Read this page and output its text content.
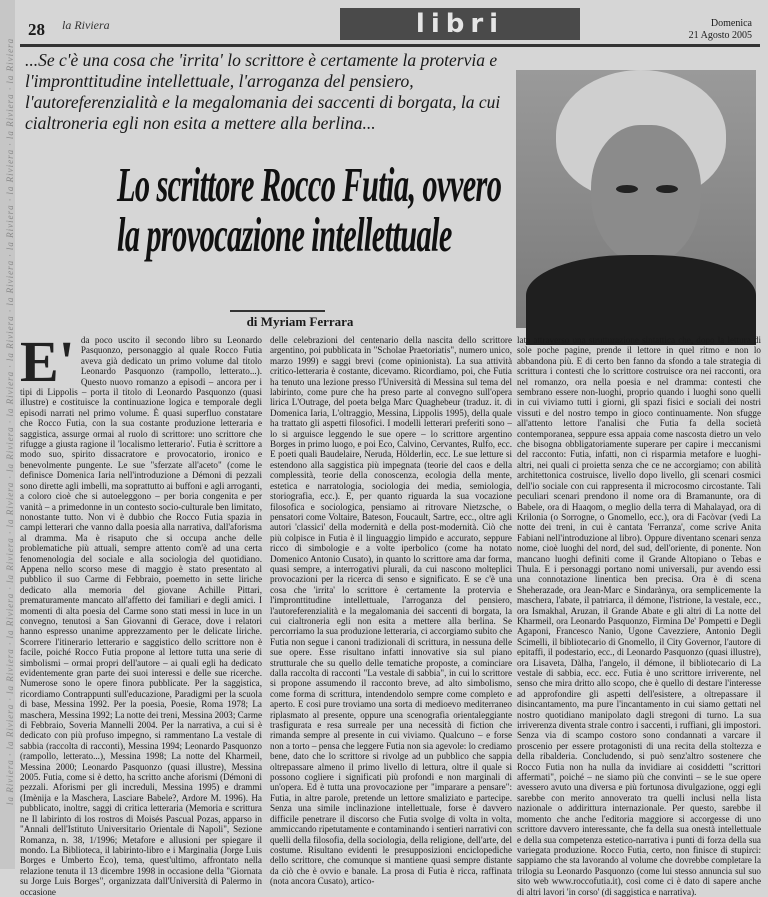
la Riviera · la Riviera · la Riviera · la Riviera · la Riviera · la Riviera · la Riviera · la Riviera · la Riviera · la Riviera · la Riviera · la Riviera · la Riviera · la Riviera
28 la Riviera	libri	Domenica
21 Agosto 2005
...Se c'è una cosa che 'irrita' lo scrittore è certamente la protervia e l'impronttitudine intellettuale, l'arroganza del pensiero, l'autoreferenzialità e la megalomania dei saccenti di borgata, la cui cialtroneria egli non esita a mettere alla berlina...
Lo scrittore Rocco Futia, ovvero
la provocazione intellettuale
di Myriam Ferrara
E' da poco uscito il secondo libro su Leonardo Pasquonzo, personaggio al quale Rocco Futia aveva già dedicato un primo volume dal titolo Leonardo Pasquonzo (rampollo, letterato...). Questo nuovo romanzo a episodi – ancora per i tipi di Lippolis – porta il titolo di Leonardo Pasquonzo (quasi illustre) e costituisce la continuazione logica e temporale degli episodi narrati nel primo volume. È quasi superfluo constatare che Rocco Futia, con la sua costante produzione letteraria e saggistica, assurge ormai al ruolo di scrittore: uno scrittore che rifugge a giusta ragione il 'localismo letterario'. Futia è scrittore a modo suo, spirito dissacratore e provocatorio, ironico e benevolmente pungente. Le sue "sferzate all'aceto" (come le definisce Domenica Iaria nell'introduzione a Démoni di pezzali sono dirette agli imbelli, ma soprattutto ai buffoni e agli arroganti, a coloro cioè che si autoeleggono – per boria congenita e per vanità – a primedonne in un contesto socio-culturale ben limitato, nonostante tutto. Non vi è dubbio che Rocco Futia spazia in campi letterari che vanno dalla poesia alla narrativa, dall'aforisma al dramma. Ma è risaputo che si occupa anche delle problematiche più attuali, sempre attento com'è ad una certa fenomenologia del sociale e alla sociologia del quotidiano. Appena nello scorso mese di maggio è stato presentato al pubblico il suo Carme di Febbraio, poemetto in sette liriche dedicato alla memoria del giovane Achille Pittari, prematuramente mancato all'affetto dei familiari e degli amici. I momenti di alta poesia del Carme sono stati messi in luce in un convegno, tenutosi a San Giovanni di Gerace, dove i relatori hanno espresso unanime apprezzamento per le delicate liriche. Scorrere l'itinerario letterario e saggistico dello scrittore non è facile, poiché Rocco Futia propone al lettore tutta una serie di simbolismi – ormai propri dell'autore – ai quali egli ha dedicato evidentemente gran parte dei suoi interessi e delle sue ricerche. Numerose sono le opere finora pubblicate. Per la saggistica, ricordiamo Contrappunti sull'educazione, Paradigmi per la scuola di base, Messina 1992. Per la poesia, Poesie, Roma 1978; La maschera, Messina 1992; La notte dei treni, Messina 2003; Carme di Febbraio, Soveria Mannelli 2004. Per la narrativa, a cui si è dedicato con più profuso impegno, si rammentano La vestale di sabbia (raccolta di racconti), Messina 1994; Leonardo Pasquonzo (rampollo, letterato...), Messina 1998; La notte del Kharmeil, Messina 2000; Leonardo Pasquonzo (quasi illustre), Messina 2005. Futia, come si è detto, ha scritto anche aforismi (Démoni di pezzali. Aforismi per gli increduli, Messina 1995) e drammi (Imènija e la Maschera, Lasciare Babele?, Ardore M. 1996). Ha pubblicato, inoltre, saggi di critica letteraria (Memoria e scrittura ne Il labirinto di los rostros di Moisés Pascual Pozas, apparso in "Annali dell'Istituto Universitario Orientale di Napoli", Sezione Romanza, n. 38, 1/1996; Metafore e allusioni per spiegare il mondo. La Biblioteca, il labirinto-libro e i Marginalia (Jorge Luis Borges e Umberto Eco), tema, quest'ultimo, affrontato nella relazione tenuta il 13 dicembre 1998 in occasione della "Giornata su Jorge Luis Borges", organizzata dall'Università di Palermo in occasione

delle celebrazioni del centenario della nascita dello scrittore argentino, poi pubblicata in "Scholae Praetoriatis", numero unico, marzo 1999) e saggi brevi (come opinionista). La sua attività critico-letteraria è costante, dicevamo. Ricordiamo, poi, che Futia ha tenuto una lezione presso l'Università di Messina sul tema del labirinto, come pure che ha preso parte al convegno sull'opera lirica L'Outrage, del poeta belga Marc Quaghebeur (traduz. it. di Domenica Iaria, L'oltraggio, Messina, Lippolis 1995), della quale ha trattato gli aspetti filosofici. I modelli letterari preferiti sono – lo si arguisce leggendo le sue opere – lo scrittore argentino Borges in primo luogo, e poi Eco, Calvino, Cervantes, Rulfo, ecc. E poeti quali Baudelaire, Neruda, Hölderlin, ecc. Le sue letture si estendono alla saggistica più impegnata (teorie del caos e della complessità, teorie della conoscenza, ecologia della mente, estetica e narratologia, sociologia dei media, semiologia, storiografia, ecc.). E, per quanto riguarda la sua vocazione filosofica e sociologica, pensiamo ai ritrovare Nietzsche, o pensatori come Voltaire, Bateson, Foucault, Sartre, ecc., oltre agli autori 'classici' della modernità e della post-modernità. Ciò che più colpisce in Futia è il linguaggio limpido e accurato, seppure ricco di simbologie e a volte iperbolico (come ha notato Domenico Antonio Cusato), in quanto lo scrittore ama dar forma, quasi sempre, a interrogativi plurali, da cui nascono molteplici provocazioni per la ricerca di senso e significato. E se c'è una cosa che 'irrita' lo scrittore è certamente la protervia e l'impronttitudine intellettuale, l'arroganza del pensiero, l'autoreferenzialità e la megalomania dei saccenti di borgata, la cui cialtroneria egli non esita a mettere alla berlina. Se percorriamo la sua produzione letteraria, ci accorgiamo subito che Futia non segue i canoni tradizionali di scrittura, in nessuna delle sue opere. Esse risultano infatti innovative sia sul piano strutturale che su quello delle tematiche proposte, a cominciare dalla raccolta di racconti "La vestale di sabbia", in cui lo scrittore si propone assumendo il racconto breve, ad alto simbolismo, come forma di scrittura, intendendolo sempre come completo e aperto. E così pure troviamo una sorta di medioevo mediterraneo riplasmato al presente, oppure una scenografia orientaleggiante trasfigurata e resa surreale per una necessità di fiction che rimanda sempre al presente in cui viviamo. Qualcuno – e forse non a torto – pensa che leggere Futia non sia agevole: lo crediamo bene, dato che lo scrittore si rivolge ad un pubblico che sappia oltrepassare almeno il primo livello di lettura, oltre il quale si possono cogliere i significati più profondi e non marginali di un'opera. Ed è tutta una provocazione per "imparare a pensare": Futia, in altre parole, pretende un lettore smaliziato e partecipe. Senza una simile inclinazione intellettuale, forse è davvero difficile penetrare il discorso che Futia svolge di volta in volta, ammiccando ripetutamente e contaminando i sentieri narrativi con quelli della filosofia, della sociologia, della religione, dell'arte, del costume. Risultano evidenti le presupposizioni enciclopediche dello scrittore, che comunque si mantiene quasi sempre distante da ciò che è ovvio e banale. La prosa di Futia è ricca, raffinata (nota ancora Cusato), artico-

lata attraverso una strutturazione sintattica che, dopo la lettura di sole poche pagine, prende il lettore in quel ritmo e non lo abbandona più. E di certo ben fanno da sfondo a tale strategia di scrittura i contesti che lo scrittore costruisce ora nei racconti, ora nel romanzo, ora nella poesia e nel dramma: contesti che sembrano essere non-luoghi, proprio quando i luoghi sono quelli in cui viviamo tutti i giorni, gli spazi fisici e sociali dei nostri vissuti e del nostro tempo in gioco continuamente. Non sfugge all'attento lettore l'analisi che Futia fa della società contemporanea, seppure essa appaia come nascosta dietro un velo che bisogna obbligatoriamente superare per capire i meccanismi del racconto: Futia, infatti, non ci risparmia metafore e luoghi-altri, nei quali ci proietta senza che ce ne accorgiamo; con abilità architettonica costruisce, livello dopo livello, gli scenari cosmici dell'io sociale con cui rappresenta il microcosmo circostante. Tali peculiari scenari prendono il nome ora di Bramanunte, ora di Babele, ora di Haaqom, o meglio della terra di Mahalayad, ora di Krilonia (o Sorrogne, o Gnomello, ecc.), ora di Facòvar (vedi La notte dei treni, in cui è cantata 'Ferranza', come scrive Anita Fabiani nell'introduzione al libro). Oppure diventano scenari senza nome, cioè luoghi del nord, del sud, dell'oriente, di ponente. Non mancano luoghi definiti come il Grande Altopiano o Tebas e Thula. E i personaggi portano nomi universali, pur avendo essi una connotazione linentica ben precisa. Ora è di scena Sheherazade, ora Jean-Marc e Sindarànya, ora semplicemente la maschera, l'abate, il patriarca, il démone, l'istrione, la vestale, ecc., ora Ismakhal, Aruzan, il Grande Abate e gli altri di La notte del Kharmeil, ora Leonardo Pasquonzo, Firmina De' Pompetti e Degli Agaponi, Francesco Nanio, Ugone Cavezziere, Antonio Degli Scimelli, il bibliotecario di Gnomello, il City Governor, l'autore di epitaffi, il podestario, ecc., di Leonardo Pasquonzo (quasi illustre), ora Lisaveta, Dàlha, l'angelo, il démone, il bibliotecario di La vestale di sabbia, ecc. ecc. Futia è uno scrittore irriverente, nel senso che mira dritto allo scopo, che è quello di destare l'interesse ad approfondire gli aspetti dell'esistere, a oltrepassare il disincantamento, ma pure l'incantamento in cui siamo gettati nel nostro quotidiano manipolato dagli stregoni di turno. La sua irriverenza diventa strale contro i saccenti, i ruffiani, gli impostori. Senza via di scampo costoro sono condannati a varcare il proscenio per essere protagonisti di una recita della stoltezza e della ribalderia. Concludendo, si può senz'altro sostenere che Rocco Futia non ha nulla da invidiare ai cosiddetti "scrittori affermati", poiché – ne siamo più che convinti – se le sue opere avessero avuto una diversa e più fortunosa divulgazione, oggi egli sarebbe con merito annoverato tra quelli inclusi nella lista nazionale o addirittura internazionale. Per questo, sarebbe il momento che anche l'editoria maggiore si accorgesse di uno scrittore davvero interessante, che fa della sua onestà intellettuale e della sua competenza estetico-narrativa i punti di forza della sua variegata produzione. Rocco Futia, certo, non finisce di stupirci: sappiamo che sta lavorando al volume che dovrebbe completare la trilogia su Leonardo Pasquonzo (come lui stesso annuncia sul suo sito web www.roccofutia.it), così come ci è dato di sapere anche di altri lavori 'in corso' (di saggistica e narrativa).
